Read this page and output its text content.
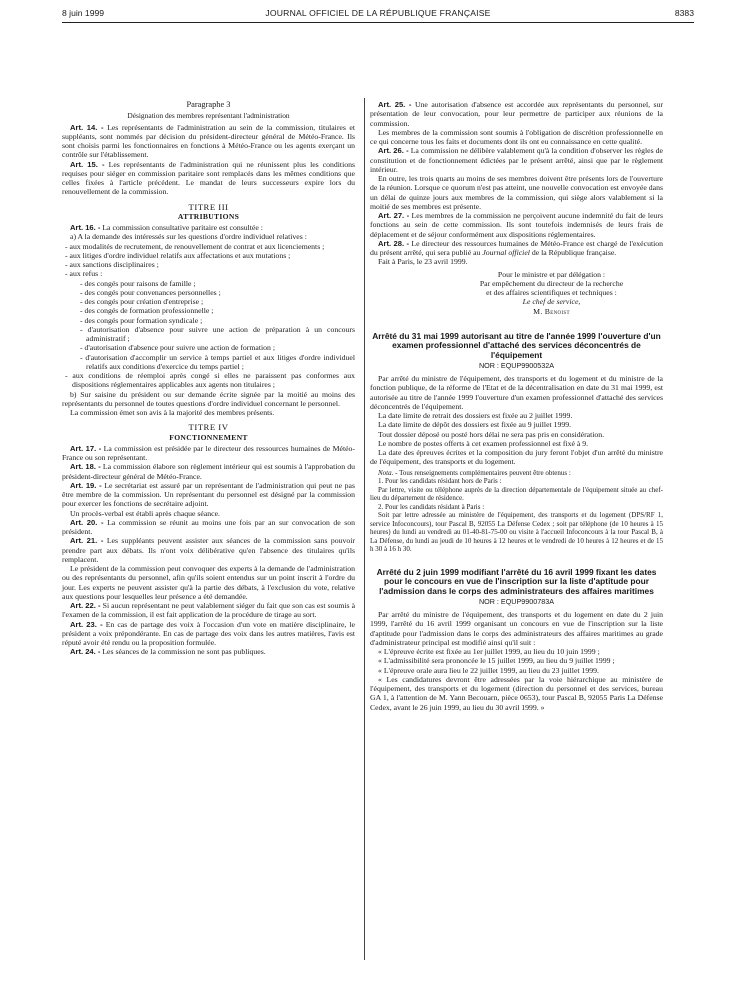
8 juin 1999	JOURNAL OFFICIEL DE LA RÉPUBLIQUE FRANÇAISE	8383

Paragraphe 3

Désignation des membres représentant l'administration

Art. 14. - Les représentants de l'administration au sein de la commission, titulaires et suppléants, sont nommés par décision du président-directeur général de Météo-France. Ils sont choisis parmi les fonctionnaires en fonctions à Météo-France ou les agents exerçant un contrôle sur l'établissement.

Art. 15. - Les représentants de l'administration qui ne réunissent plus les conditions requises pour siéger en commission paritaire sont remplacés dans les mêmes conditions que celles fixées à l'article précédent. Le mandat de leurs successeurs expire lors du renouvellement de la commission.

TITRE III

ATTRIBUTIONS

Art. 16. - La commission consultative paritaire est consultée :

a) A la demande des intéressés sur les questions d'ordre individuel relatives :

- aux modalités de recrutement, de renouvellement de contrat et aux licenciements ;
- aux litiges d'ordre individuel relatifs aux affectations et aux mutations ;
- aux sanctions disciplinaires ;
- aux refus :
- des congés pour raisons de famille ;
- des congés pour convenances personnelles ;
- des congés pour création d'entreprise ;
- des congés de formation professionnelle ;
- des congés pour formation syndicale ;
- d'autorisation d'absence pour suivre une action de préparation à un concours administratif ;
- d'autorisation d'absence pour suivre une action de formation ;
- d'autorisation d'accomplir un service à temps partiel et aux litiges d'ordre individuel relatifs aux conditions d'exercice du temps partiel ;
- aux conditions de réemploi après congé si elles ne paraissent pas conformes aux dispositions réglementaires applicables aux agents non titulaires ;

b) Sur saisine du président ou sur demande écrite signée par la moitié au moins des représentants du personnel de toutes questions d'ordre individuel concernant le personnel.

La commission émet son avis à la majorité des membres présents.

TITRE IV

FONCTIONNEMENT

Art. 17. - La commission est présidée par le directeur des ressources humaines de Météo-France ou son représentant.

Art. 18. - La commission élabore son règlement intérieur qui est soumis à l'approbation du président-directeur général de Météo-France.

Art. 19. - Le secrétariat est assuré par un représentant de l'administration qui peut ne pas être membre de la commission. Un représentant du personnel est désigné par la commission pour exercer les fonctions de secrétaire adjoint.

Un procès-verbal est établi après chaque séance.

Art. 20. - La commission se réunit au moins une fois par an sur convocation de son président.

Art. 21. - Les suppléants peuvent assister aux séances de la commission sans pouvoir prendre part aux débats. Ils n'ont voix délibérative qu'en l'absence des titulaires qu'ils remplacent.

Le président de la commission peut convoquer des experts à la demande de l'administration ou des représentants du personnel, afin qu'ils soient entendus sur un point inscrit à l'ordre du jour. Les experts ne peuvent assister qu'à la partie des débats, à l'exclusion du vote, relative aux questions pour lesquelles leur présence a été demandée.

Art. 22. - Si aucun représentant ne peut valablement siéger du fait que son cas est soumis à l'examen de la commission, il est fait application de la procédure de tirage au sort.

Art. 23. - En cas de partage des voix à l'occasion d'un vote en matière disciplinaire, le président a voix prépondérante. En cas de partage des voix dans les autres matières, l'avis est réputé avoir été rendu ou la proposition formulée.

Art. 24. - Les séances de la commission ne sont pas publiques.

Art. 25. - Une autorisation d'absence est accordée aux représentants du personnel, sur présentation de leur convocation, pour leur permettre de participer aux réunions de la commission.

Les membres de la commission sont soumis à l'obligation de discrétion professionnelle en ce qui concerne tous les faits et documents dont ils ont eu connaissance en cette qualité.

Art. 26. - La commission ne délibère valablement qu'à la condition d'observer les règles de constitution et de fonctionnement édictées par le présent arrêté, ainsi que par le règlement intérieur.

En outre, les trois quarts au moins de ses membres doivent être présents lors de l'ouverture de la réunion. Lorsque ce quorum n'est pas atteint, une nouvelle convocation est envoyée dans un délai de quinze jours aux membres de la commission, qui siège alors valablement si la moitié de ses membres est présente.

Art. 27. - Les membres de la commission ne perçoivent aucune indemnité du fait de leurs fonctions au sein de cette commission. Ils sont toutefois indemnisés de leurs frais de déplacement et de séjour conformément aux dispositions réglementaires.

Art. 28. - Le directeur des ressources humaines de Météo-France est chargé de l'exécution du présent arrêté, qui sera publié au Journal officiel de la République française.

Fait à Paris, le 23 avril 1999.

Pour le ministre et par délégation :

Par empêchement du directeur de la recherche

et des affaires scientifiques et techniques :

Le chef de service,

M. Benoist

Arrêté du 31 mai 1999 autorisant au titre de l'année 1999 l'ouverture d'un examen professionnel d'attaché des services déconcentrés de l'équipement

NOR : EQUP9900532A

Par arrêté du ministre de l'équipement, des transports et du logement et du ministre de la fonction publique, de la réforme de l'Etat et de la décentralisation en date du 31 mai 1999, est autorisée au titre de l'année 1999 l'ouverture d'un examen professionnel d'attaché des services déconcentrés de l'équipement.

La date limite de retrait des dossiers est fixée au 2 juillet 1999.

La date limite de dépôt des dossiers est fixée au 9 juillet 1999.

Tout dossier déposé ou posté hors délai ne sera pas pris en considération.

Le nombre de postes offerts à cet examen professionnel est fixé à 9.

La date des épreuves écrites et la composition du jury feront l'objet d'un arrêté du ministre de l'équipement, des transports et du logement.

Nota. - Tous renseignements complémentaires peuvent être obtenus :

1. Pour les candidats résidant hors de Paris :

Par lettre, visite ou téléphone auprès de la direction départementale de l'équipement située au chef-lieu du département de résidence.

2. Pour les candidats résidant à Paris :

Soit par lettre adressée au ministère de l'équipement, des transports et du logement (DPS/RF 1, service Infoconcours), tour Pascal B, 92055 La Défense Cedex ; soit par téléphone (de 10 heures à 15 heures) du lundi au vendredi au 01-40-81-75-00 ou visite à l'accueil Infoconcours à la tour Pascal B, à La Défense, du lundi au jeudi de 10 heures à 12 heures et le vendredi de 10 heures à 12 heures et de 15 h 30 à 16 h 30.

Arrêté du 2 juin 1999 modifiant l'arrêté du 16 avril 1999 fixant les dates pour le concours en vue de l'inscription sur la liste d'aptitude pour l'admission dans le corps des administrateurs des affaires maritimes

NOR : EQUP9900783A

Par arrêté du ministre de l'équipement, des transports et du logement en date du 2 juin 1999, l'arrêté du 16 avril 1999 organisant un concours en vue de l'inscription sur la liste d'aptitude pour l'admission dans le corps des administrateurs des affaires maritimes au grade d'administrateur principal est modifié ainsi qu'il suit :

« L'épreuve écrite est fixée au 1er juillet 1999, au lieu du 10 juin 1999 ;

« L'admissibilité sera prononcée le 15 juillet 1999, au lieu du 9 juillet 1999 ;

« L'épreuve orale aura lieu le 22 juillet 1999, au lieu du 23 juillet 1999.

« Les candidatures devront être adressées par la voie hiérarchique au ministère de l'équipement, des transports et du logement (direction du personnel et des services, bureau GA 1, à l'attention de M. Yann Becouarn, pièce 0653), tour Pascal B, 92055 Paris La Défense Cedex, avant le 26 juin 1999, au lieu du 30 avril 1999. »
